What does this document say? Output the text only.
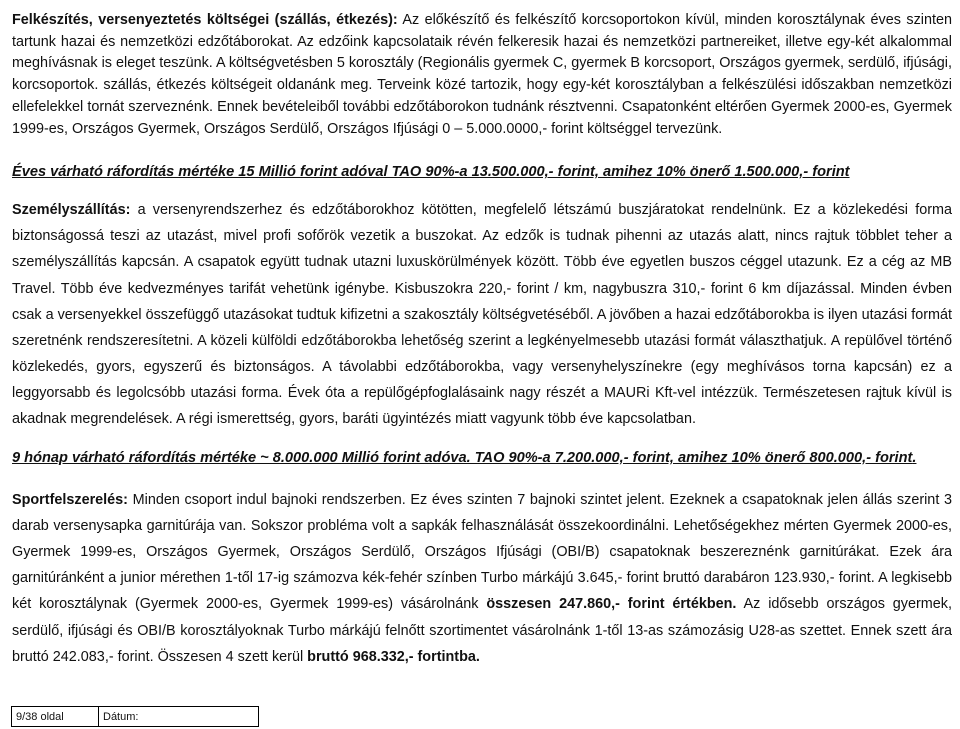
Felkészítés, versenyeztetés költségei (szállás, étkezés): Az előkészítő és felkészítő korcsoportokon kívül, minden korosztálynak éves szinten tartunk hazai és nemzetközi edzőtáborokat. Az edzőink kapcsolataik révén felkeresik hazai és nemzetközi partnereiket, illetve egy-két alkalommal meghívásnak is eleget teszünk. A költségvetésben 5 korosztály (Regionális gyermek C, gyermek B korcsoport, Országos gyermek, serdülő, ifjúsági, korcsoportok. szállás, étkezés költségeit oldanánk meg. Terveink közé tartozik, hogy egy-két korosztályban a felkészülési időszakban nemzetközi ellefelekkel tornát szerveznénk. Ennek bevételeiből további edzőtáborokon tudnánk résztvenni. Csapatonként eltérően Gyermek 2000-es, Gyermek 1999-es, Országos Gyermek, Országos Serdülő, Országos Ifjúsági 0 – 5.000.0000,- forint költséggel tervezünk.

Éves várható ráfordítás mértéke 15 Millió forint adóval TAO 90%-a 13.500.000,- forint, amihez 10% önerő 1.500.000,- forint

Személyszállítás: a versenyrendszerhez és edzőtáborokhoz kötötten, megfelelő létszámú buszjáratokat rendelnünk. Ez a közlekedési forma biztonságossá teszi az utazást, mivel profi sofőrök vezetik a buszokat. Az edzők is tudnak pihenni az utazás alatt, nincs rajtuk többlet teher a személyszállítás kapcsán. A csapatok együtt tudnak utazni luxuskörülmények között. Több éve egyetlen buszos céggel utazunk. Ez a cég az MB Travel. Több éve kedvezményes tarifát vehetünk igénybe. Kisbuszokra 220,- forint / km, nagybuszra 310,- forint 6 km díjazással. Minden évben csak a versenyekkel összefüggő utazásokat tudtuk kifizetni a szakosztály költségvetéséből. A jövőben a hazai edzőtáborokba is ilyen utazási formát szeretnénk rendszeresítetni. A közeli külföldi edzőtáborokba lehetőség szerint a legkényelmesebb utazási formát választhatjuk. A repülővel történő közlekedés, gyors, egyszerű és biztonságos. A távolabbi edzőtáborokba, vagy versenyhelyszínekre (egy meghívásos torna kapcsán) ez a leggyorsabb és legolcsóbb utazási forma. Évek óta a repülőgépfoglalásaink nagy részét a MAURi Kft-vel intézzük. Természetesen rajtuk kívül is akadnak megrendelések. A régi ismerettség, gyors, baráti ügyintézés miatt vagyunk több éve kapcsolatban.

9 hónap várható ráfordítás mértéke ~ 8.000.000 Millió forint adóva. TAO 90%-a 7.200.000,- forint, amihez 10% önerő 800.000,- forint.

Sportfelszerelés: Minden csoport indul bajnoki rendszerben. Ez éves szinten 7 bajnoki szintet jelent. Ezeknek a csapatoknak jelen állás szerint 3 darab versenysapka garnitúrája van. Sokszor probléma volt a sapkák felhasználását összekoordinálni. Lehetőségekhez mérten Gyermek 2000-es, Gyermek 1999-es, Országos Gyermek, Országos Serdülő, Országos Ifjúsági (OBI/B) csapatoknak beszereznénk garnitúrákat. Ezek ára garnitúránként a junior mérethen 1-től 17-ig számozva kék-fehér színben Turbo márkájú 3.645,- forint bruttó darabáron 123.930,- forint. A legkisebb két korosztálynak (Gyermek 2000-es, Gyermek 1999-es) vásárolnánk összesen 247.860,- forint értékben. Az idősebb országos gyermek, serdülő, ifjúsági és OBI/B korosztályoknak Turbo márkájú felnőtt szortimentet vásárolnánk 1-től 13-as számozásig U28-as szettet. Ennek szett ára bruttó 242.083,- forint. Összesen 4 szett kerül bruttó 968.332,- fortintba.

9/38 oldal	Dátum:
